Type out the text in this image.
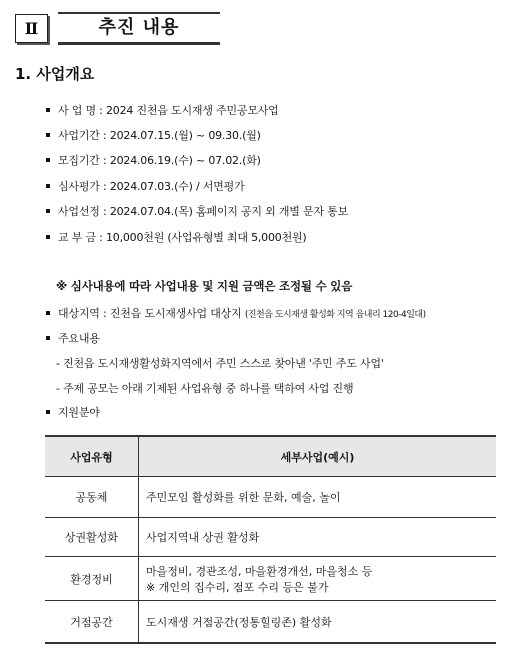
Ⅱ	추진 내용
1. 사업개요
사 업 명 : 2024 진천읍 도시재생 주민공모사업
사업기간 : 2024.07.15.(월) ~ 09.30.(월)
모집기간 : 2024.06.19.(수) ~ 07.02.(화)
심사평가 : 2024.07.03.(수) / 서면평가
사업선정 : 2024.07.04.(목) 홈페이지 공지 외 개별 문자 통보
교 부 금 : 10,000천원 (사업유형별 최대 5,000천원)
※ 심사내용에 따라 사업내용 및 지원 금액은 조정될 수 있음
대상지역 : 진천읍 도시재생사업 대상지 (진천읍 도시재생 활성화 지역 읍내리 120-4일대)
주요내용
- 진천읍 도시재생활성화지역에서 주민 스스로 찾아낸 '주민 주도 사업'
- 주제 공모는 아래 기제된 사업유형 중 하나를 택하여 사업 진행
지원분야
사업유형	세부사업(예시)
공동체	주민모임 활성화를 위한 문화, 예술, 놀이
상권활성화	사업지역내 상권 활성화
환경정비	마을정비, 경관조성, 마을환경개선, 마을청소 등
※ 개인의 집수리, 점포 수리 등은 불가

거점공간	도시재생 거점공간(정통힐링존) 활성화
